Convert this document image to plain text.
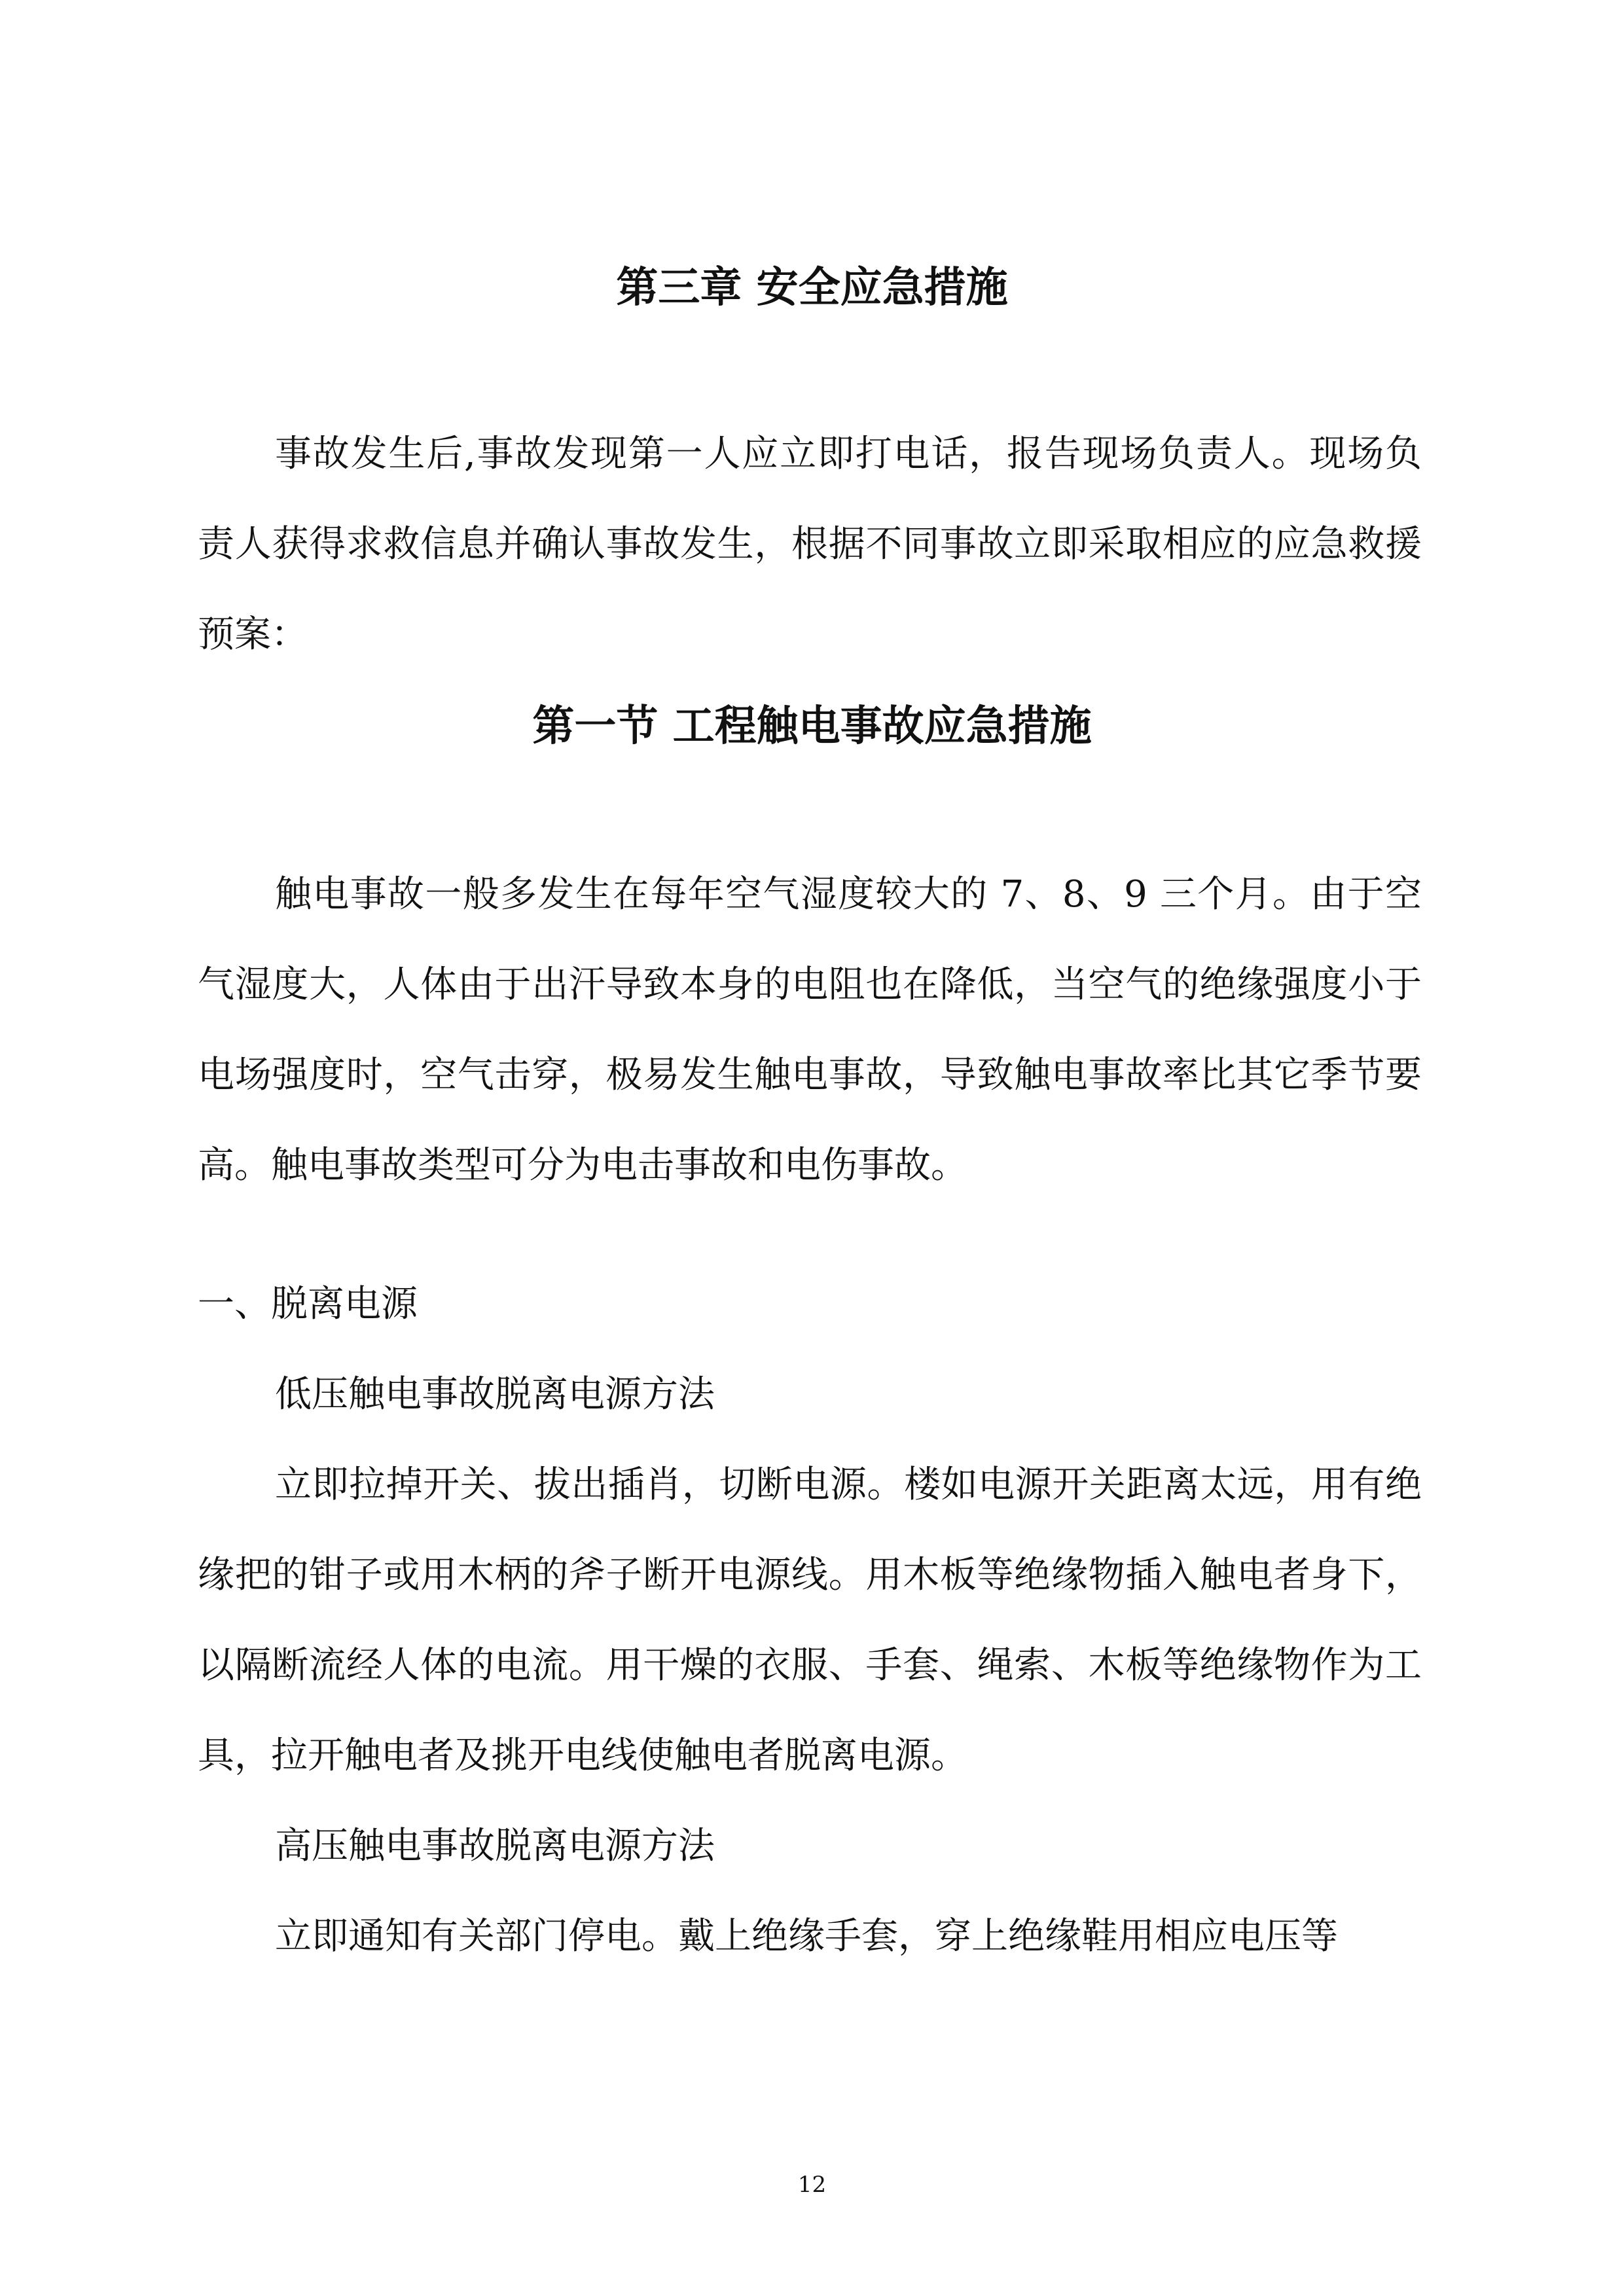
第三章 安全应急措施

事故发生后,事故发现第一人应立即打电话，报告现场负责人。现场负责人获得求救信息并确认事故发生，根据不同事故立即采取相应的应急救援预案：

第一节 工程触电事故应急措施

触电事故一般多发生在每年空气湿度较大的 7、8、9 三个月。由于空气湿度大，人体由于出汗导致本身的电阻也在降低，当空气的绝缘强度小于电场强度时，空气击穿，极易发生触电事故，导致触电事故率比其它季节要高。触电事故类型可分为电击事故和电伤事故。

一、脱离电源

低压触电事故脱离电源方法

立即拉掉开关、拔出插肖，切断电源。楼如电源开关距离太远，用有绝缘把的钳子或用木柄的斧子断开电源线。用木板等绝缘物插入触电者身下，以隔断流经人体的电流。用干燥的衣服、手套、绳索、木板等绝缘物作为工具，拉开触电者及挑开电线使触电者脱离电源。

高压触电事故脱离电源方法

立即通知有关部门停电。戴上绝缘手套，穿上绝缘鞋用相应电压等

12
